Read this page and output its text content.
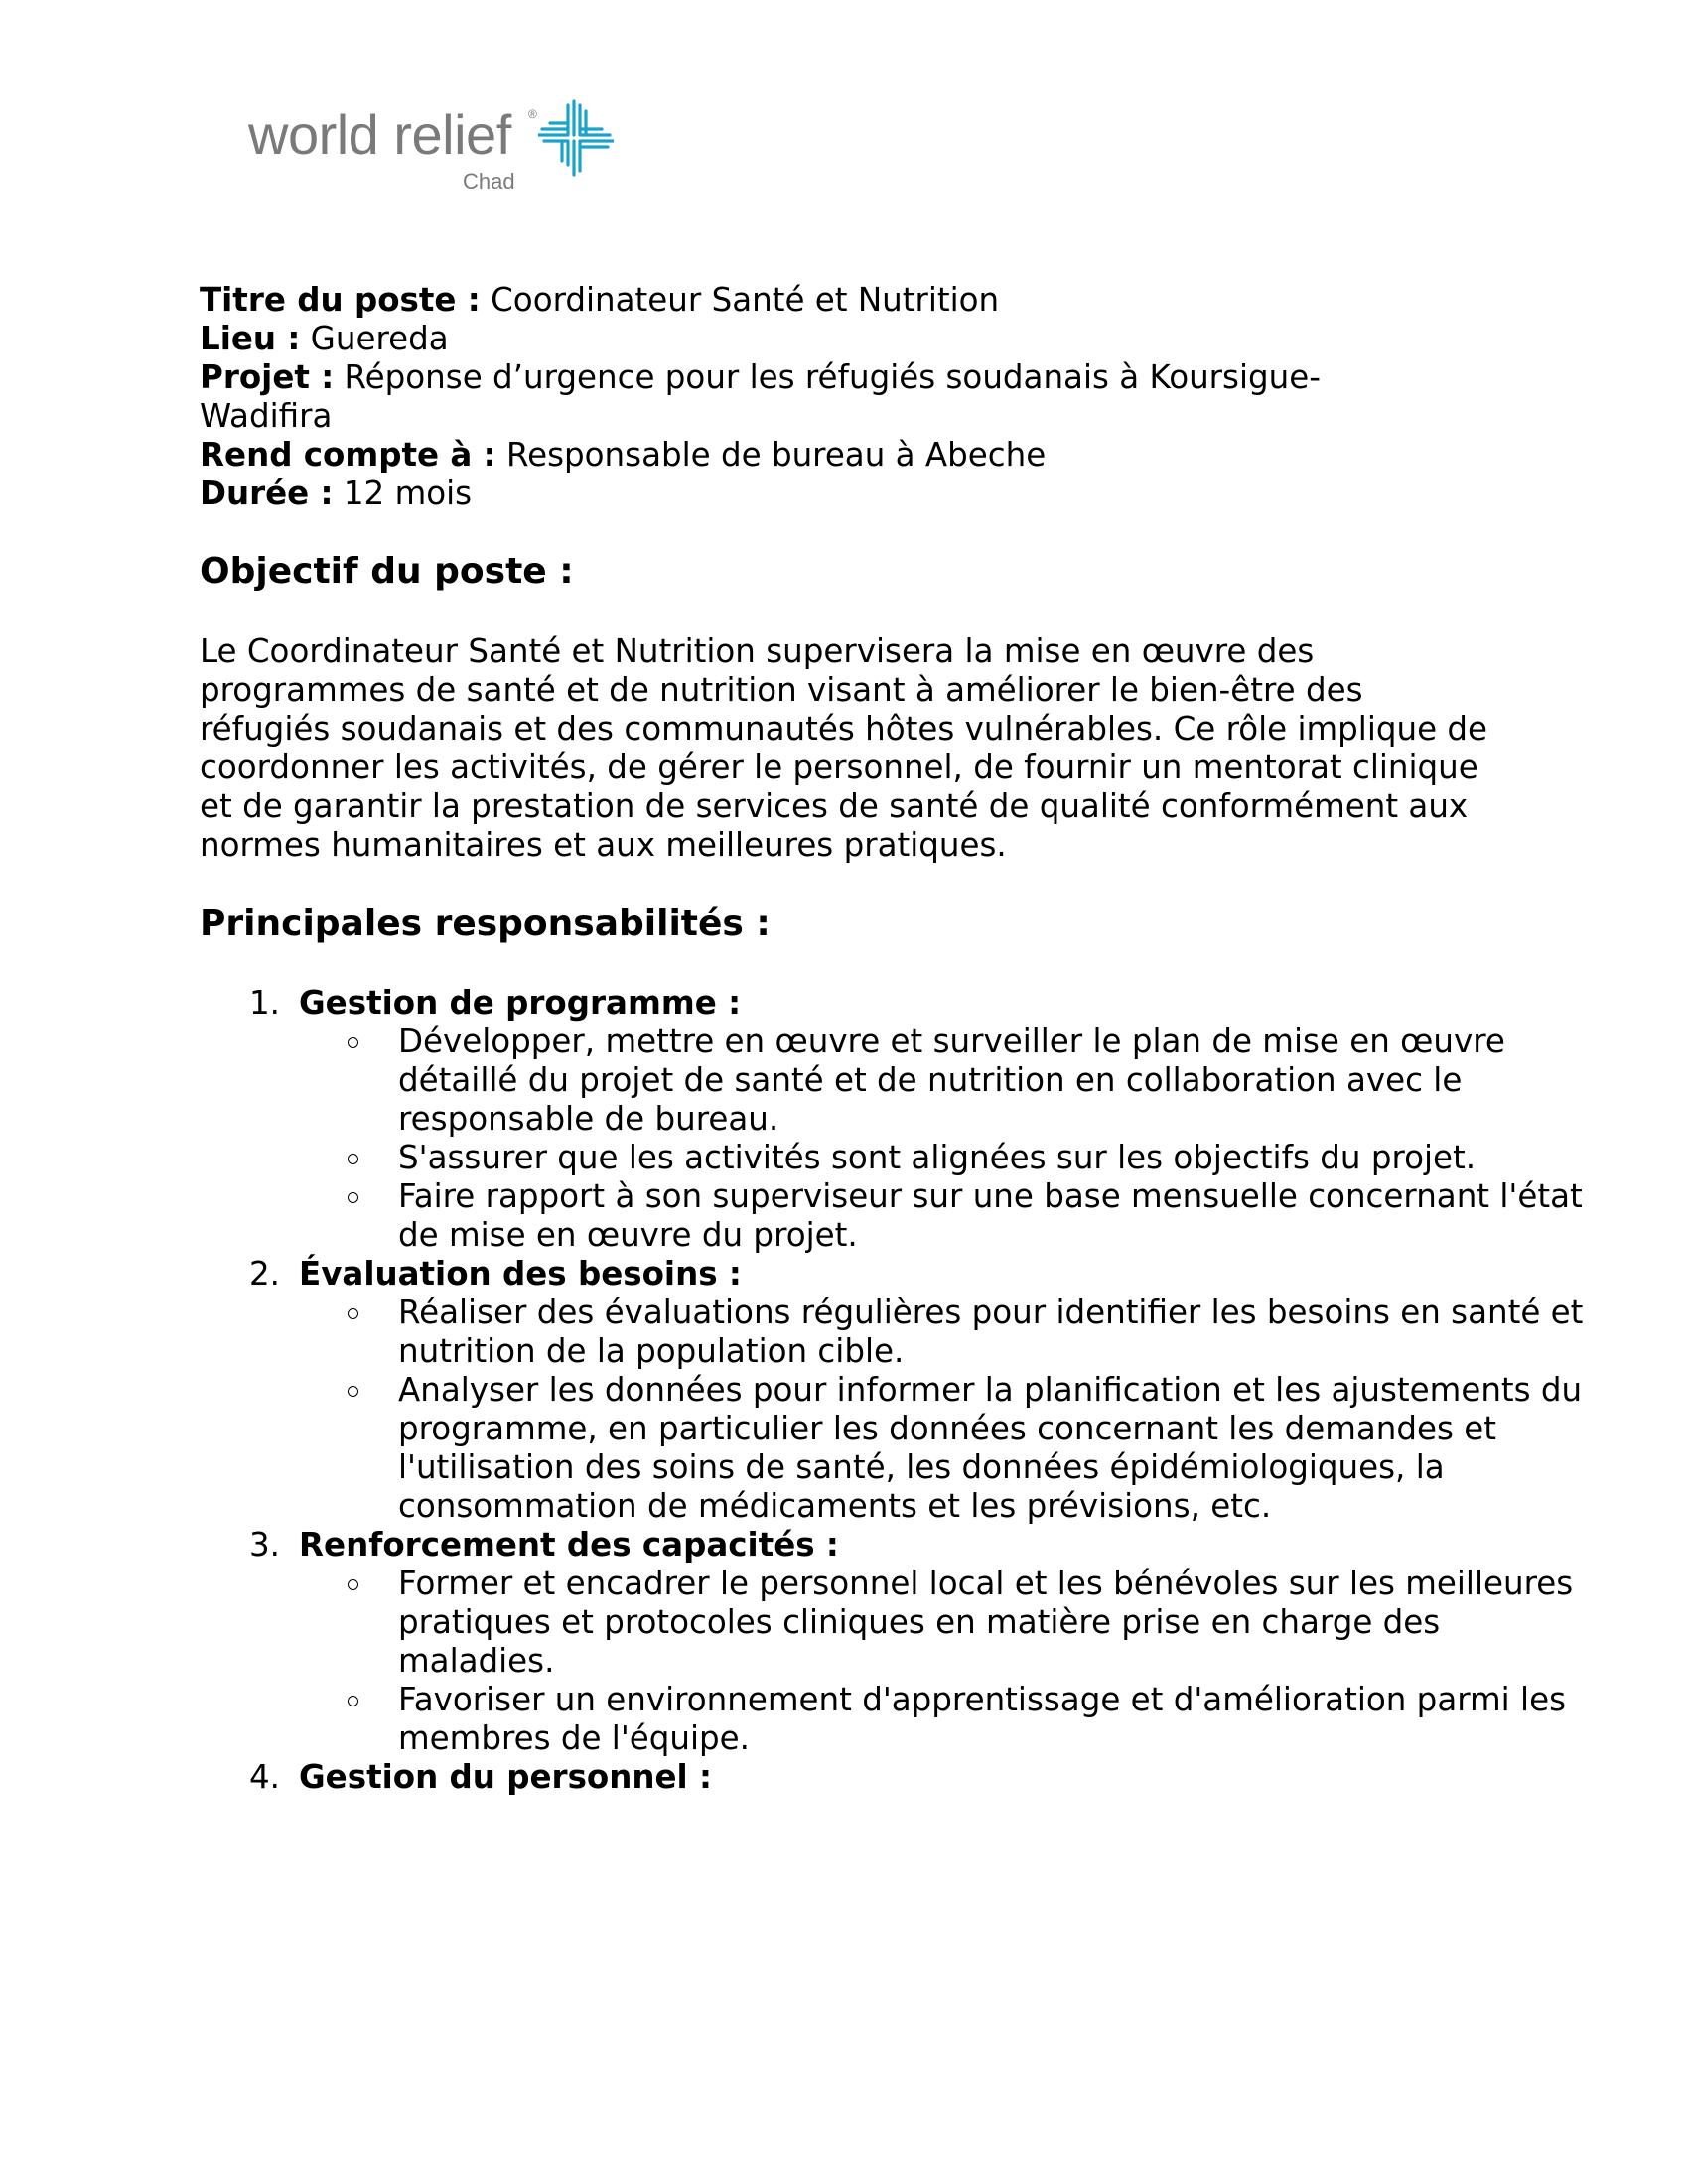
world relief ®
Chad
Titre du poste : Coordinateur Santé et Nutrition
Lieu : Guereda
Projet : Réponse d’urgence pour les réfugiés soudanais à Koursigue-Wadifira
Rend compte à : Responsable de bureau à Abeche
Durée : 12 mois
Objectif du poste :

Le Coordinateur Santé et Nutrition supervisera la mise en œuvre des programmes de santé et de nutrition visant à améliorer le bien-être des réfugiés soudanais et des communautés hôtes vulnérables. Ce rôle implique de coordonner les activités, de gérer le personnel, de fournir un mentorat clinique et de garantir la prestation de services de santé de qualité conformément aux normes humanitaires et aux meilleures pratiques.

Principales responsabilités :
1. Gestion de programme :
Développer, mettre en œuvre et surveiller le plan de mise en œuvre détaillé du projet de santé et de nutrition en collaboration avec le responsable de bureau.
S'assurer que les activités sont alignées sur les objectifs du projet.
Faire rapport à son superviseur sur une base mensuelle concernant l'état de mise en œuvre du projet.
2. Évaluation des besoins :
Réaliser des évaluations régulières pour identifier les besoins en santé et nutrition de la population cible.
Analyser les données pour informer la planification et les ajustements du programme, en particulier les données concernant les demandes et l'utilisation des soins de santé, les données épidémiologiques, la consommation de médicaments et les prévisions, etc.
3. Renforcement des capacités :
Former et encadrer le personnel local et les bénévoles sur les meilleures pratiques et protocoles cliniques en matière prise en charge des maladies.
Favoriser un environnement d'apprentissage et d'amélioration parmi les membres de l'équipe.
4. Gestion du personnel :
